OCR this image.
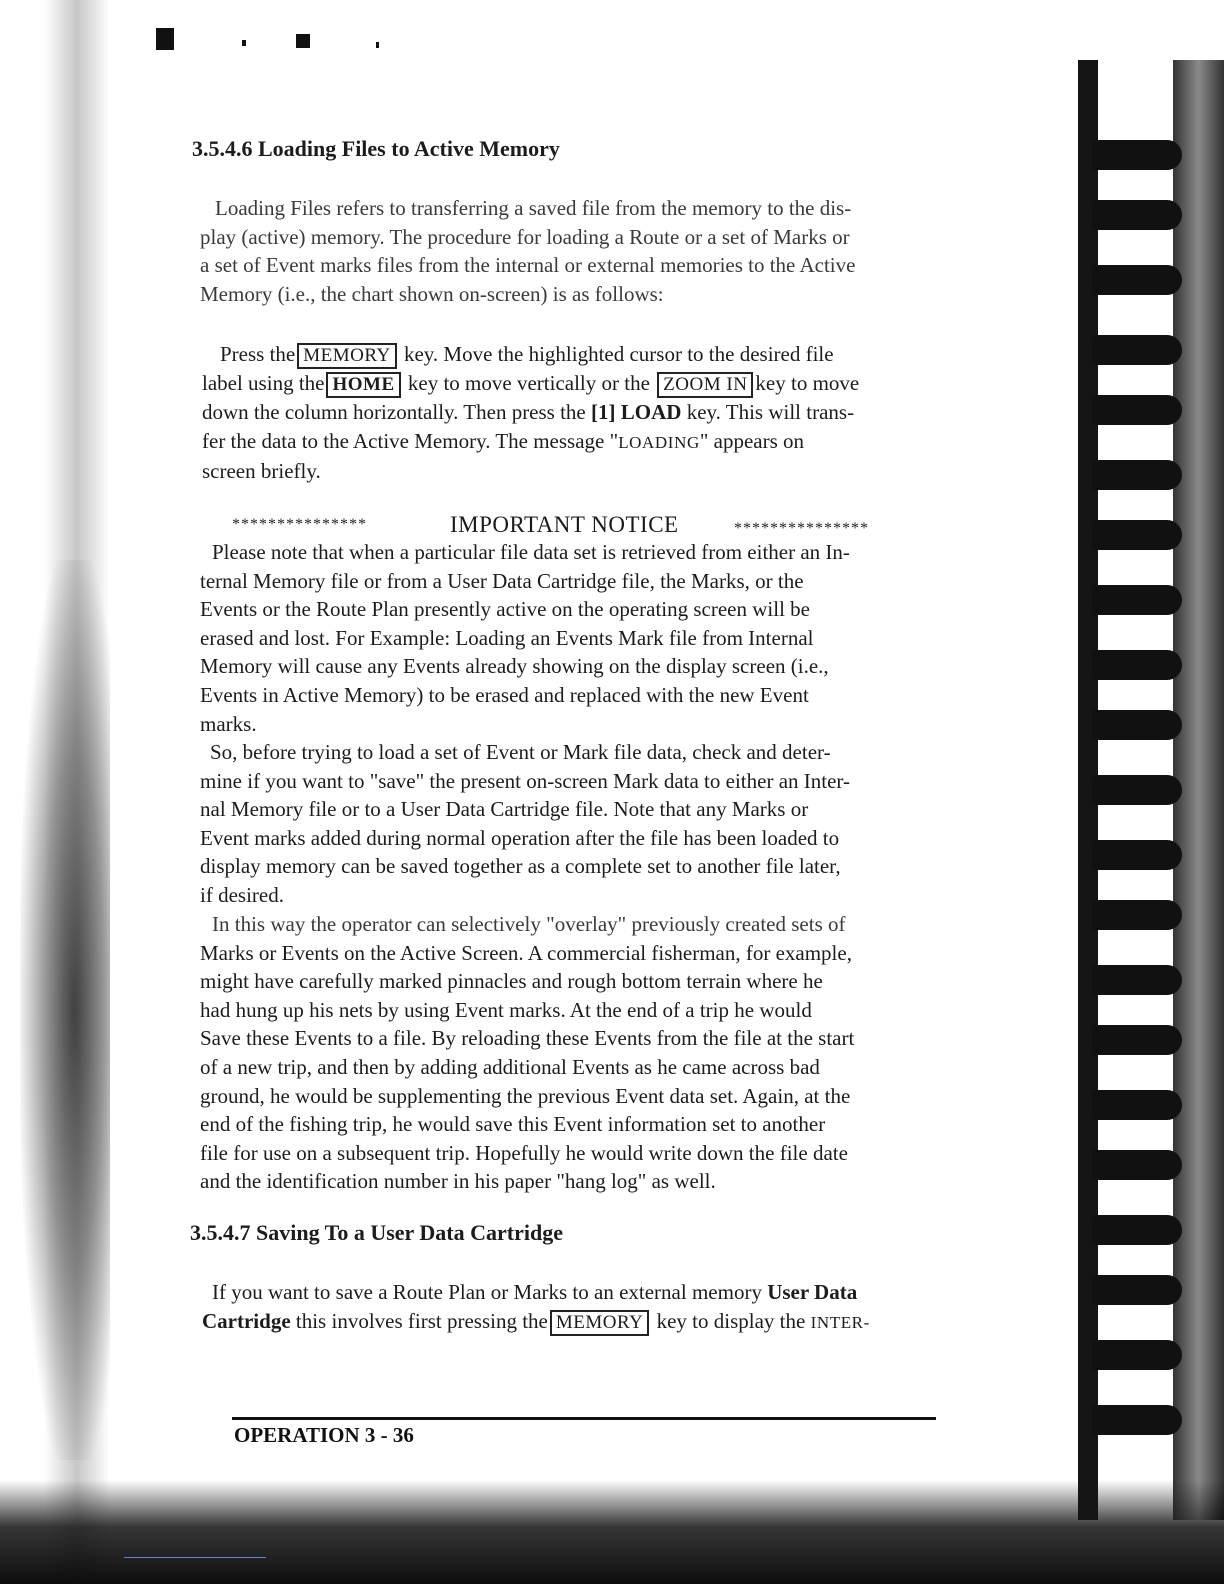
3.5.4.6 Loading Files to Active Memory
Loading Files refers to transferring a saved file from the memory to the dis-
play (active) memory. The procedure for loading a Route or a set of Marks or
a set of Event marks files from the internal or external memories to the Active
Memory (i.e., the chart shown on-screen) is as follows:
Press the MEMORY key. Move the highlighted cursor to the desired file
label using the HOME key to move vertically or the ZOOM IN key to move
down the column horizontally. Then press the [1] LOAD key. This will trans-
fer the data to the Active Memory. The message "LOADING" appears on
screen briefly.
***************	IMPORTANT NOTICE	***************
Please note that when a particular file data set is retrieved from either an In-
ternal Memory file or from a User Data Cartridge file, the Marks, or the
Events or the Route Plan presently active on the operating screen will be
erased and lost. For Example: Loading an Events Mark file from Internal
Memory will cause any Events already showing on the display screen (i.e.,
Events in Active Memory) to be erased and replaced with the new Event
marks.
So, before trying to load a set of Event or Mark file data, check and deter-
mine if you want to "save" the present on-screen Mark data to either an Inter-
nal Memory file or to a User Data Cartridge file. Note that any Marks or
Event marks added during normal operation after the file has been loaded to
display memory can be saved together as a complete set to another file later,
if desired.
In this way the operator can selectively "overlay" previously created sets of
Marks or Events on the Active Screen. A commercial fisherman, for example,
might have carefully marked pinnacles and rough bottom terrain where he
had hung up his nets by using Event marks. At the end of a trip he would
Save these Events to a file. By reloading these Events from the file at the start
of a new trip, and then by adding additional Events as he came across bad
ground, he would be supplementing the previous Event data set. Again, at the
end of the fishing trip, he would save this Event information set to another
file for use on a subsequent trip. Hopefully he would write down the file date
and the identification number in his paper "hang log" as well.
3.5.4.7 Saving To a User Data Cartridge
If you want to save a Route Plan or Marks to an external memory User Data
Cartridge this involves first pressing the MEMORY key to display the INTER-
OPERATION 3 - 36
